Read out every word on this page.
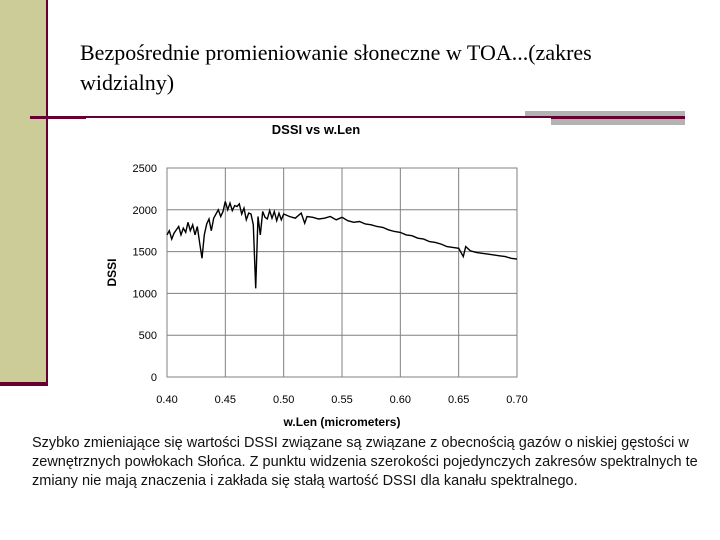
Bezpośrednie promieniowanie słoneczne w TOA...(zakres widzialny)
DSSI vs w.Len
0
500
1000
1500
2000
2500
0.40	0.45	0.50	0.55	0.60	0.65	0.70
DSSI
w.Len (micrometers)
Szybko zmieniające się wartości DSSI związane są związane z obecnością gazów o niskiej gęstości w zewnętrznych powłokach Słońca. Z punktu widzenia szerokości pojedynczych zakresów spektralnych te zmiany nie mają znaczenia i zakłada się stałą wartość DSSI dla kanału spektralnego.
